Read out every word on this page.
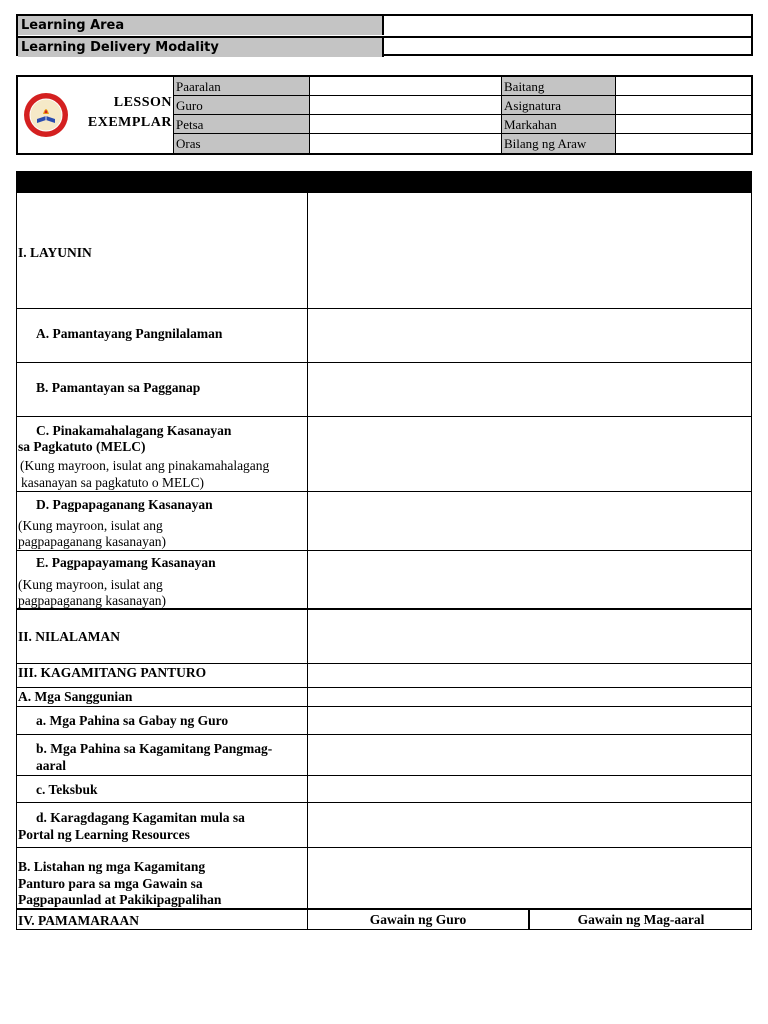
Learning Area
Learning Delivery Modality
LESSON
EXEMPLAR
Paaralan
Guro
Petsa
Oras
Baitang
Asignatura
Markahan
Bilang ng Araw
I. LAYUNIN
A. Pamantayang Pangnilalaman
B. Pamantayan sa Pagganap
C. Pinakamahalagang Kasanayan
sa Pagkatuto (MELC)
(Kung mayroon, isulat ang pinakamahalagang
kasanayan sa pagkatuto o MELC)
D. Pagpapaganang Kasanayan
(Kung mayroon, isulat ang
pagpapaganang kasanayan)
E. Pagpapayamang Kasanayan
(Kung mayroon, isulat ang
pagpapaganang kasanayan)
II. NILALAMAN
III. KAGAMITANG PANTURO
A. Mga Sanggunian
a. Mga Pahina sa Gabay ng Guro
b. Mga Pahina sa Kagamitang Pangmag-
aaral
c. Teksbuk
d. Karagdagang Kagamitan mula sa
Portal ng Learning Resources
B. Listahan ng mga Kagamitang
Panturo para sa mga Gawain sa
Pagpapaunlad at Pakikipagpalihan
IV. PAMAMARAAN	Gawain ng Guro	Gawain ng Mag-aaral
